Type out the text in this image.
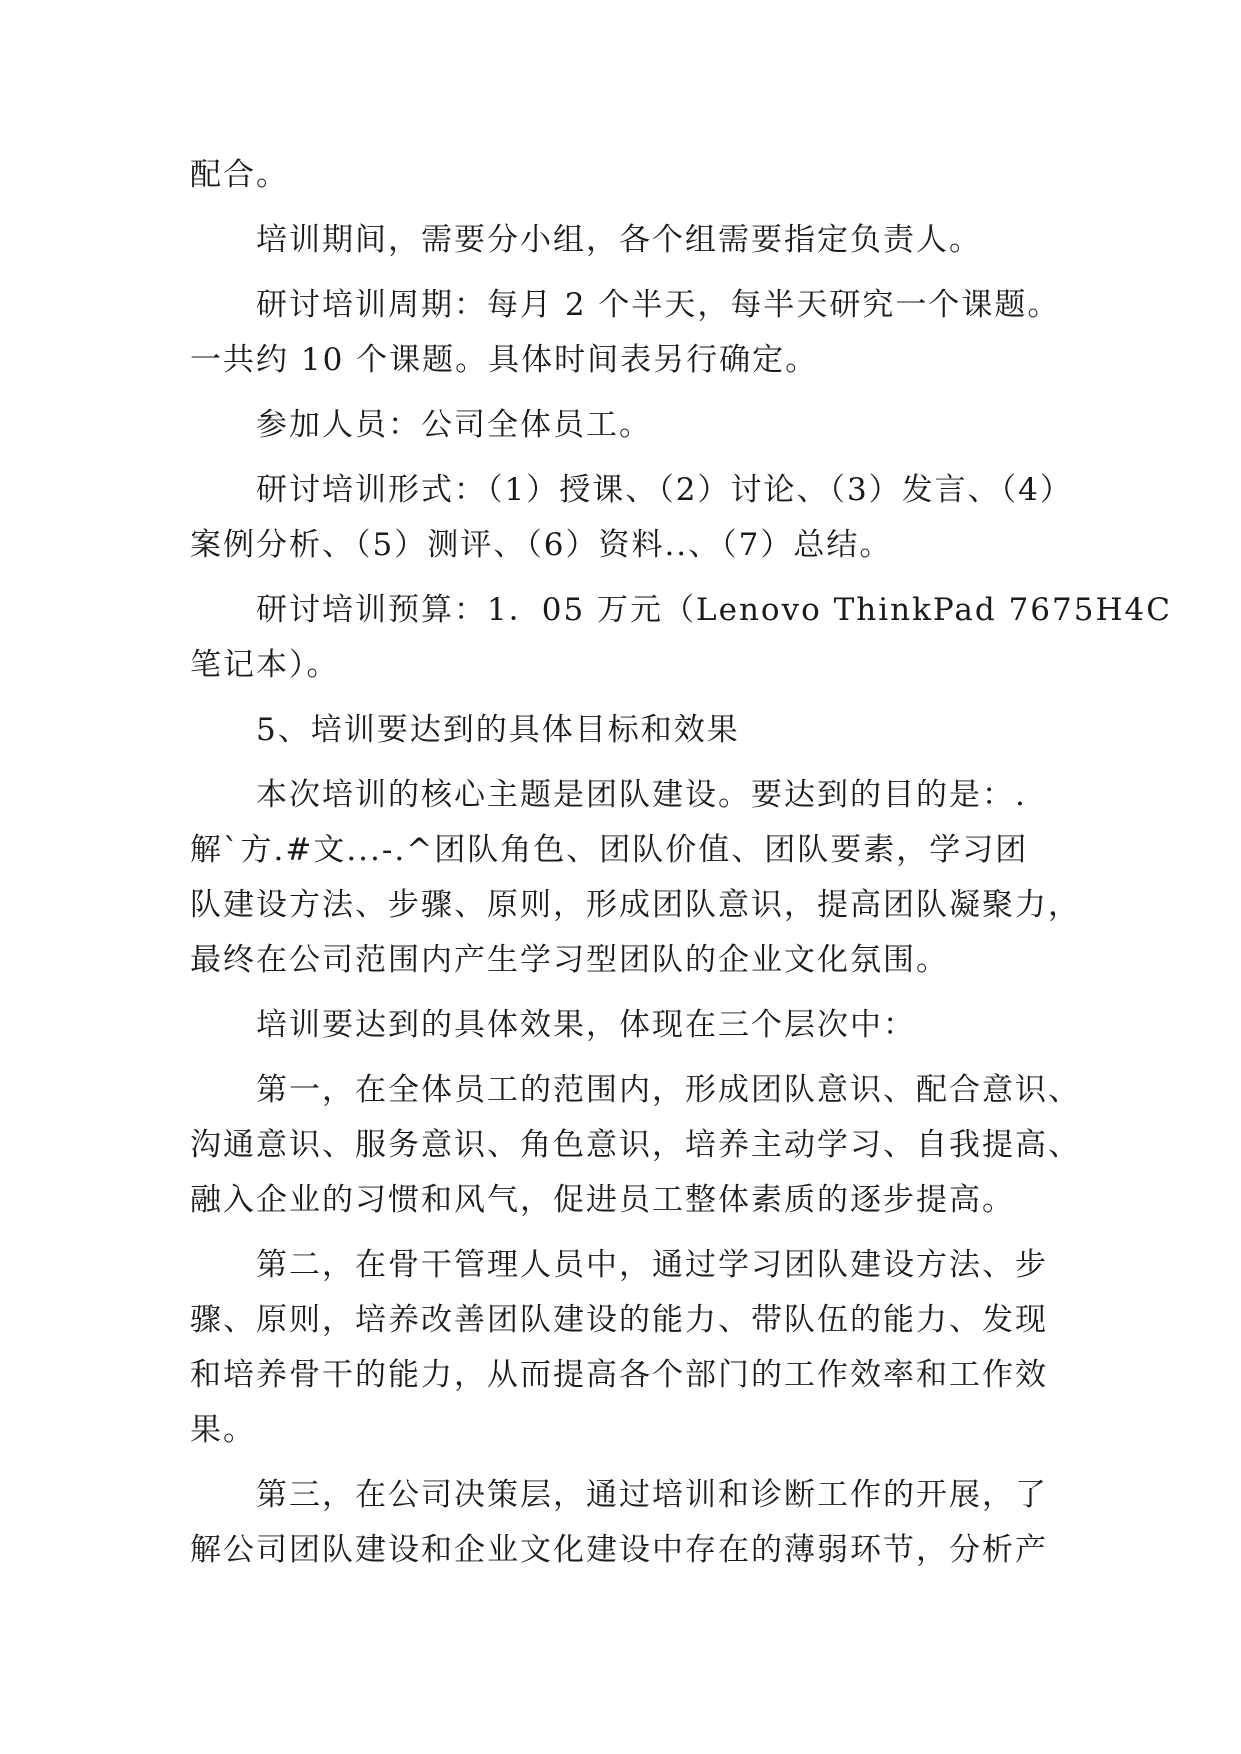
配合。
培训期间，需要分小组，各个组需要指定负责人。
研讨培训周期：每月 2 个半天，每半天研究一个课题。
一共约 10 个课题。具体时间表另行确定。
参加人员：公司全体员工。
研讨培训形式：（1）授课、（2）讨论、（3）发言、（4）
案例分析、（5）测评、（6）资料..、（7）总结。
研讨培训预算：1．05 万元（Lenovo ThinkPad 7675H4C
笔记本）。
5、培训要达到的具体目标和效果
本次培训的核心主题是团队建设。要达到的目的是：.
解`方.#文...-.^团队角色、团队价值、团队要素，学习团
队建设方法、步骤、原则，形成团队意识，提高团队凝聚力，
最终在公司范围内产生学习型团队的企业文化氛围。
培训要达到的具体效果，体现在三个层次中：
第一，在全体员工的范围内，形成团队意识、配合意识、
沟通意识、服务意识、角色意识，培养主动学习、自我提高、
融入企业的习惯和风气，促进员工整体素质的逐步提高。
第二，在骨干管理人员中，通过学习团队建设方法、步
骤、原则，培养改善团队建设的能力、带队伍的能力、发现
和培养骨干的能力，从而提高各个部门的工作效率和工作效
果。
第三，在公司决策层，通过培训和诊断工作的开展，了
解公司团队建设和企业文化建设中存在的薄弱环节，分析产
